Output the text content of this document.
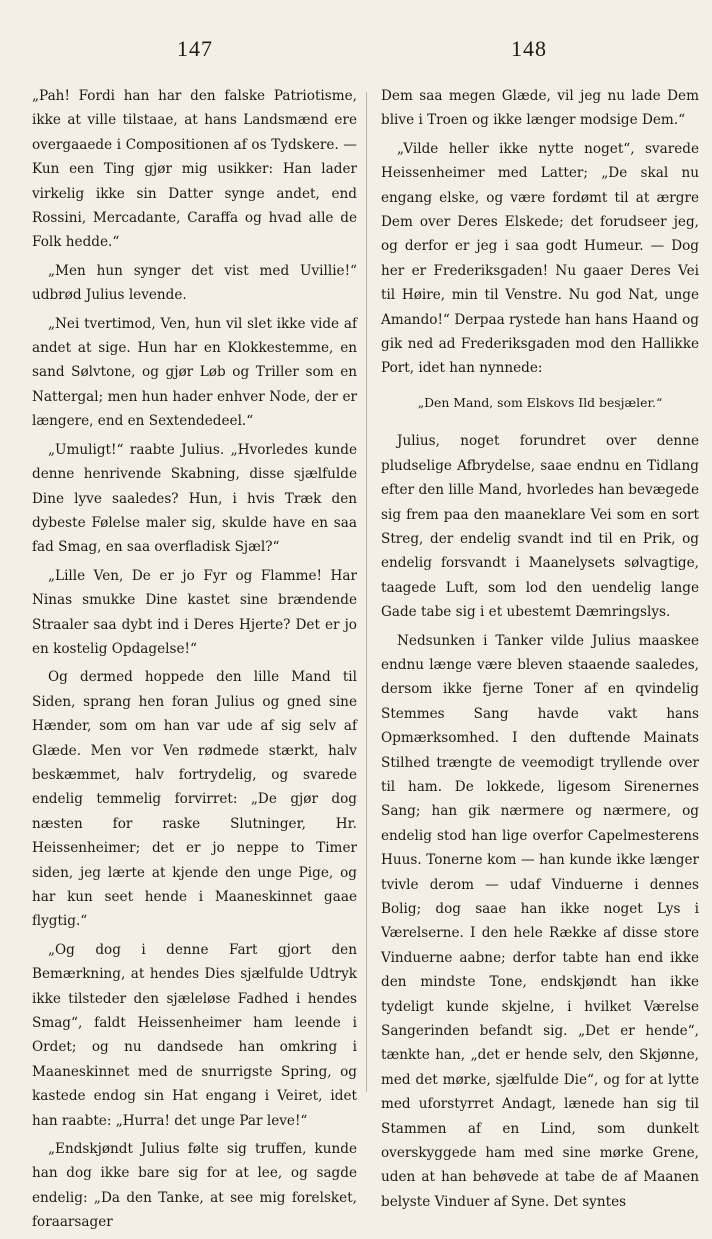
147

„Pah! Fordi han har den falske Patriotisme, ikke at ville tilstaae, at hans Landsmænd ere overgaaede i Compositionen af os Tydskere. — Kun een Ting gjør mig usikker: Han lader virkelig ikke sin Datter synge andet, end Rossini, Mercadante, Caraffa og hvad alle de Folk hedde.“

„Men hun synger det vist med Uvillie!“ udbrød Julius levende.

„Nei tvertimod, Ven, hun vil slet ikke vide af andet at sige. Hun har en Klokkestemme, en sand Sølvtone, og gjør Løb og Triller som en Nattergal; men hun hader enhver Node, der er længere, end en Sextendedeel.“

„Umuligt!“ raabte Julius. „Hvorledes kunde denne henrivende Skabning, disse sjælfulde Dine lyve saaledes? Hun, i hvis Træk den dybeste Følelse maler sig, skulde have en saa fad Smag, en saa overfladisk Sjæl?“

„Lille Ven, De er jo Fyr og Flamme! Har Ninas smukke Dine kastet sine brændende Straaler saa dybt ind i Deres Hjerte? Det er jo en kostelig Opdagelse!“

Og dermed hoppede den lille Mand til Siden, sprang hen foran Julius og gned sine Hænder, som om han var ude af sig selv af Glæde. Men vor Ven rødmede stærkt, halv beskæmmet, halv fortrydelig, og svarede endelig temmelig forvirret: „De gjør dog næsten for raske Slutninger, Hr. Heissenheimer; det er jo neppe to Timer siden, jeg lærte at kjende den unge Pige, og har kun seet hende i Maaneskinnet gaae flygtig.“

„Og dog i denne Fart gjort den Bemærkning, at hendes Dies sjælfulde Udtryk ikke tilsteder den sjæleløse Fadhed i hendes Smag“, faldt Heissenheimer ham leende i Ordet; og nu dandsede han omkring i Maaneskinnet med de snurrigste Spring, og kastede endog sin Hat engang i Veiret, idet han raabte: „Hurra! det unge Par leve!“

„Endskjøndt Julius følte sig truffen, kunde han dog ikke bare sig for at lee, og sagde endelig: „Da den Tanke, at see mig forelsket, foraarsager

148

Dem saa megen Glæde, vil jeg nu lade Dem blive i Troen og ikke længer modsige Dem.“

„Vilde heller ikke nytte noget“, svarede Heissenheimer med Latter; „De skal nu engang elske, og være fordømt til at ærgre Dem over Deres Elskede; det forudseer jeg, og derfor er jeg i saa godt Humeur. — Dog her er Frederiksgaden! Nu gaaer Deres Vei til Høire, min til Venstre. Nu god Nat, unge Amando!“ Derpaa rystede han hans Haand og gik ned ad Frederiksgaden mod den Hallikke Port, idet han nynnede:

„Den Mand, som Elskovs Ild besjæler.“

Julius, noget forundret over denne pludselige Afbrydelse, saae endnu en Tidlang efter den lille Mand, hvorledes han bevægede sig frem paa den maaneklare Vei som en sort Streg, der endelig svandt ind til en Prik, og endelig forsvandt i Maanelysets sølvagtige, taagede Luft, som lod den uendelig lange Gade tabe sig i et ubestemt Dæmringslys.

Nedsunken i Tanker vilde Julius maaskee endnu længe være bleven staaende saaledes, dersom ikke fjerne Toner af en qvindelig Stemmes Sang havde vakt hans Opmærksomhed. I den duftende Mainats Stilhed trængte de veemodigt tryllende over til ham. De lokkede, ligesom Sirenernes Sang; han gik nærmere og nærmere, og endelig stod han lige overfor Capelmesterens Huus. Tonerne kom — han kunde ikke længer tvivle derom — udaf Vinduerne i dennes Bolig; dog saae han ikke noget Lys i Værelserne. I den hele Række af disse store Vinduerne aabne; derfor tabte han end ikke den mindste Tone, endskjøndt han ikke tydeligt kunde skjelne, i hvilket Værelse Sangerinden befandt sig. „Det er hende“, tænkte han, „det er hende selv, den Skjønne, med det mørke, sjælfulde Die“, og for at lytte med uforstyrret Andagt, lænede han sig til Stammen af en Lind, som dunkelt overskyggede ham med sine mørke Grene, uden at han behøvede at tabe de af Maanen belyste Vinduer af Syne. Det syntes
